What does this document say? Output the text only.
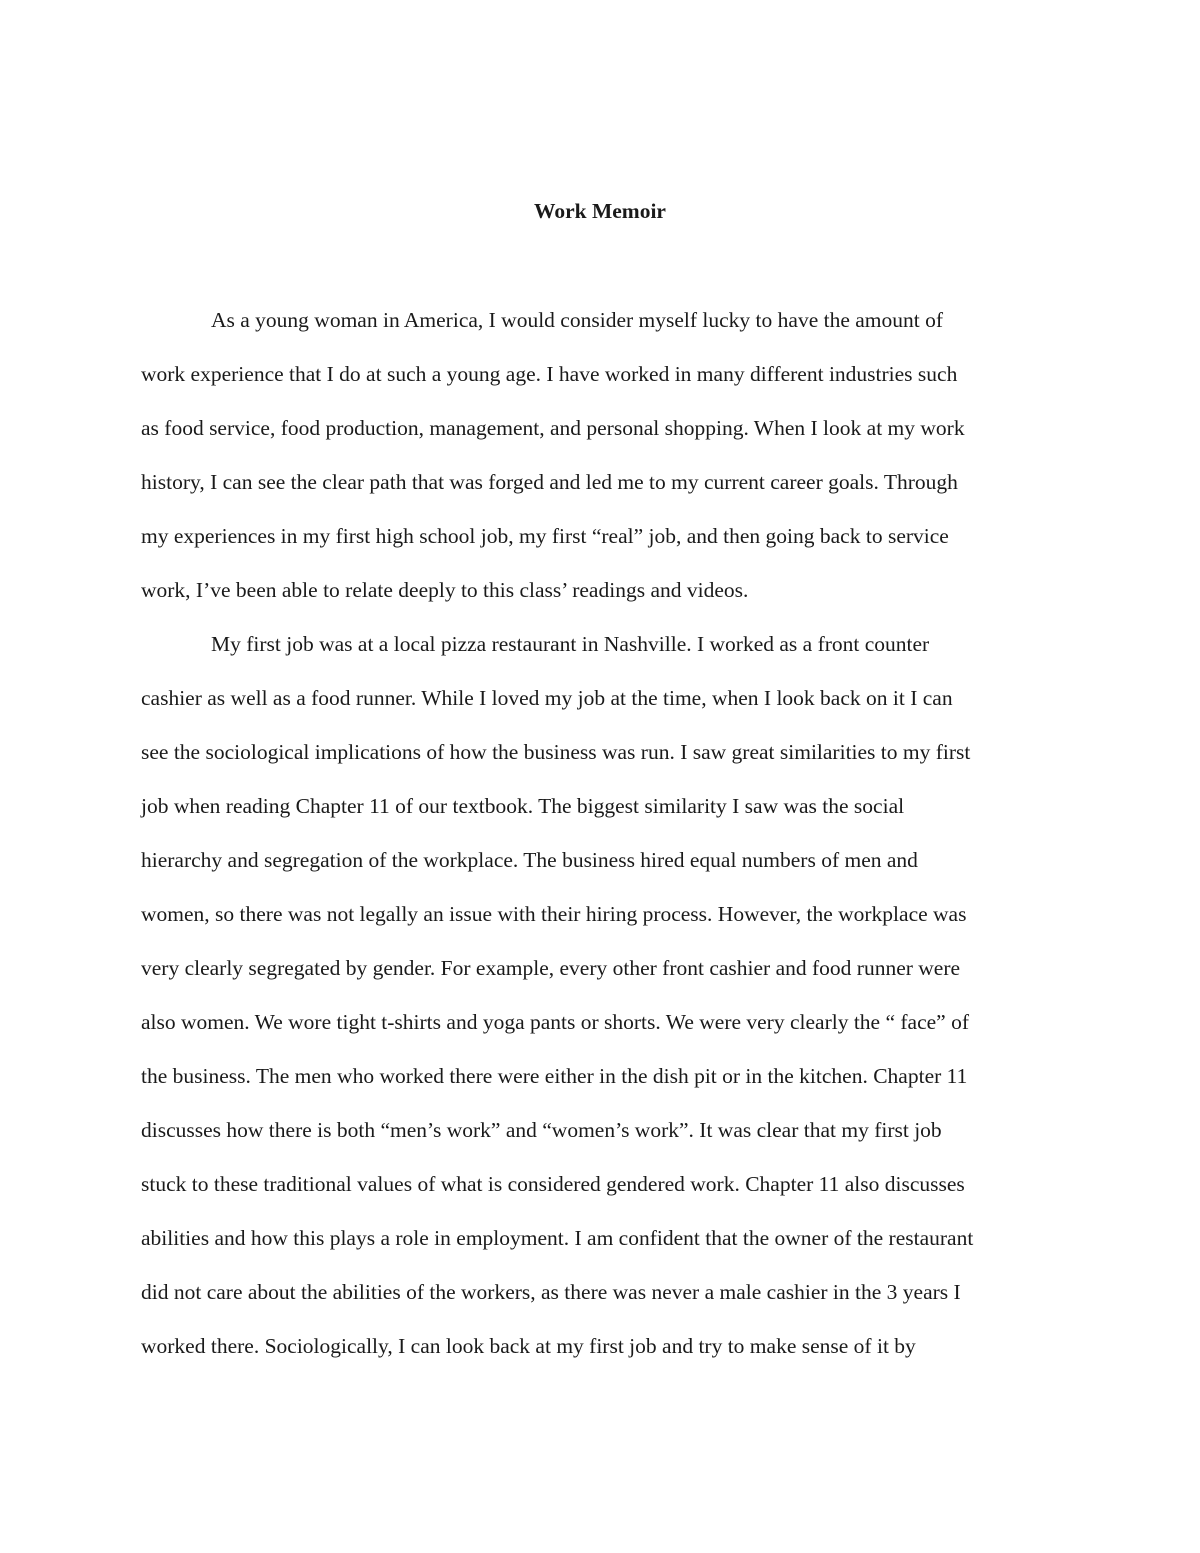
Work Memoir
As a young woman in America, I would consider myself lucky to have the amount of
work experience that I do at such a young age. I have worked in many different industries such
as food service, food production, management, and personal shopping. When I look at my work
history, I can see the clear path that was forged and led me to my current career goals. Through
my experiences in my first high school job, my first “real” job, and then going back to service
work, I’ve been able to relate deeply to this class’ readings and videos.
My first job was at a local pizza restaurant in Nashville. I worked as a front counter
cashier as well as a food runner. While I loved my job at the time, when I look back on it I can
see the sociological implications of how the business was run. I saw great similarities to my first
job when reading Chapter 11 of our textbook. The biggest similarity I saw was the social
hierarchy and segregation of the workplace. The business hired equal numbers of men and
women, so there was not legally an issue with their hiring process. However, the workplace was
very clearly segregated by gender. For example, every other front cashier and food runner were
also women. We wore tight t-shirts and yoga pants or shorts. We were very clearly the “ face” of
the business. The men who worked there were either in the dish pit or in the kitchen. Chapter 11
discusses how there is both “men’s work” and “women’s work”. It was clear that my first job
stuck to these traditional values of what is considered gendered work. Chapter 11 also discusses
abilities and how this plays a role in employment. I am confident that the owner of the restaurant
did not care about the abilities of the workers, as there was never a male cashier in the 3 years I
worked there. Sociologically, I can look back at my first job and try to make sense of it by
